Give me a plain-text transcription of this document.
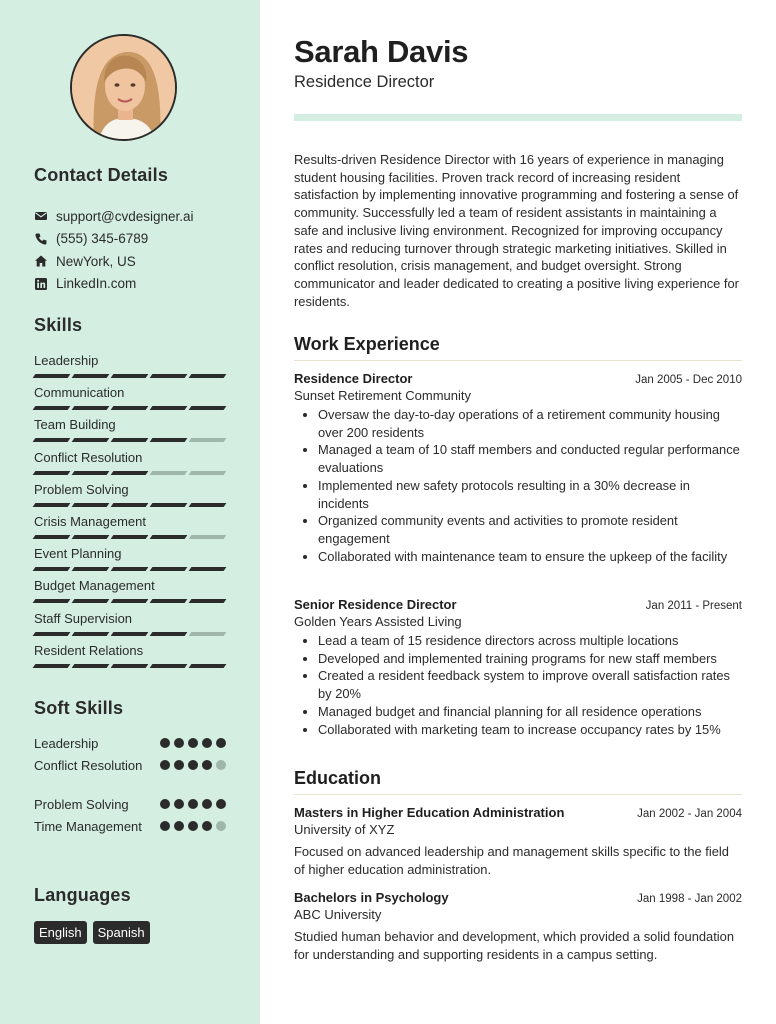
Contact Details
support@cvdesigner.ai
(555) 345-6789
NewYork, US
LinkedIn.com
Skills
Leadership
Communication
Team Building
Conflict Resolution
Problem Solving
Crisis Management
Event Planning
Budget Management
Staff Supervision
Resident Relations
Soft Skills
Leadership
Conflict Resolution
Problem Solving
Time Management
Languages
English	Spanish
Sarah Davis
Residence Director

Results-driven Residence Director with 16 years of experience in managing student housing facilities. Proven track record of increasing resident satisfaction by implementing innovative programming and fostering a sense of community. Successfully led a team of resident assistants in maintaining a safe and inclusive living environment. Recognized for improving occupancy rates and reducing turnover through strategic marketing initiatives. Skilled in conflict resolution, crisis management, and budget oversight. Strong communicator and leader dedicated to creating a positive living experience for residents.

Work Experience
Residence Director	Jan 2005 - Dec 2010
Sunset Retirement Community
• Oversaw the day-to-day operations of a retirement community housing over 200 residents
• Managed a team of 10 staff members and conducted regular performance evaluations
• Implemented new safety protocols resulting in a 30% decrease in incidents
• Organized community events and activities to promote resident engagement
• Collaborated with maintenance team to ensure the upkeep of the facility
Senior Residence Director	Jan 2011 - Present
Golden Years Assisted Living
• Lead a team of 15 residence directors across multiple locations
• Developed and implemented training programs for new staff members
• Created a resident feedback system to improve overall satisfaction rates by 20%
• Managed budget and financial planning for all residence operations
• Collaborated with marketing team to increase occupancy rates by 15%
Education
Masters in Higher Education Administration	Jan 2002 - Jan 2004
University of XYZ

Focused on advanced leadership and management skills specific to the field of higher education administration.

Bachelors in Psychology	Jan 1998 - Jan 2002
ABC University

Studied human behavior and development, which provided a solid foundation for understanding and supporting residents in a campus setting.
